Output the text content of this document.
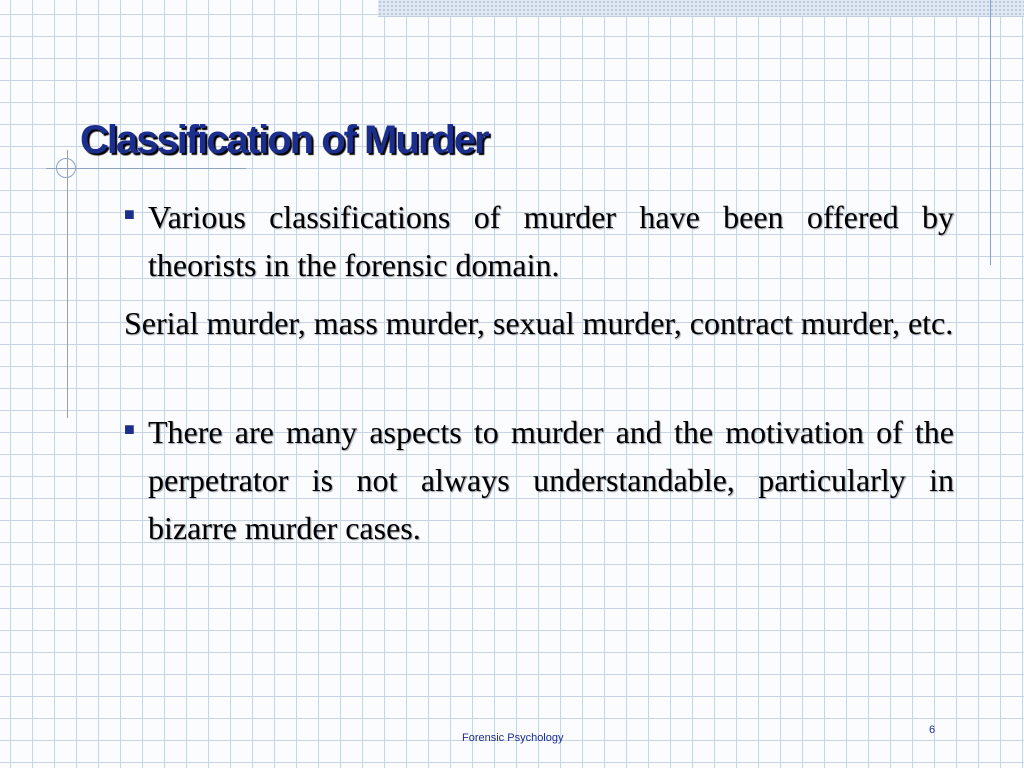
Classification of Murder

■ Various classifications of murder have been offered by theorists in the forensic domain.

Serial murder, mass murder, sexual murder, contract murder, etc.

■ There are many aspects to murder and the motivation of the perpetrator is not always understandable, particularly in bizarre murder cases.

Forensic Psychology
6
